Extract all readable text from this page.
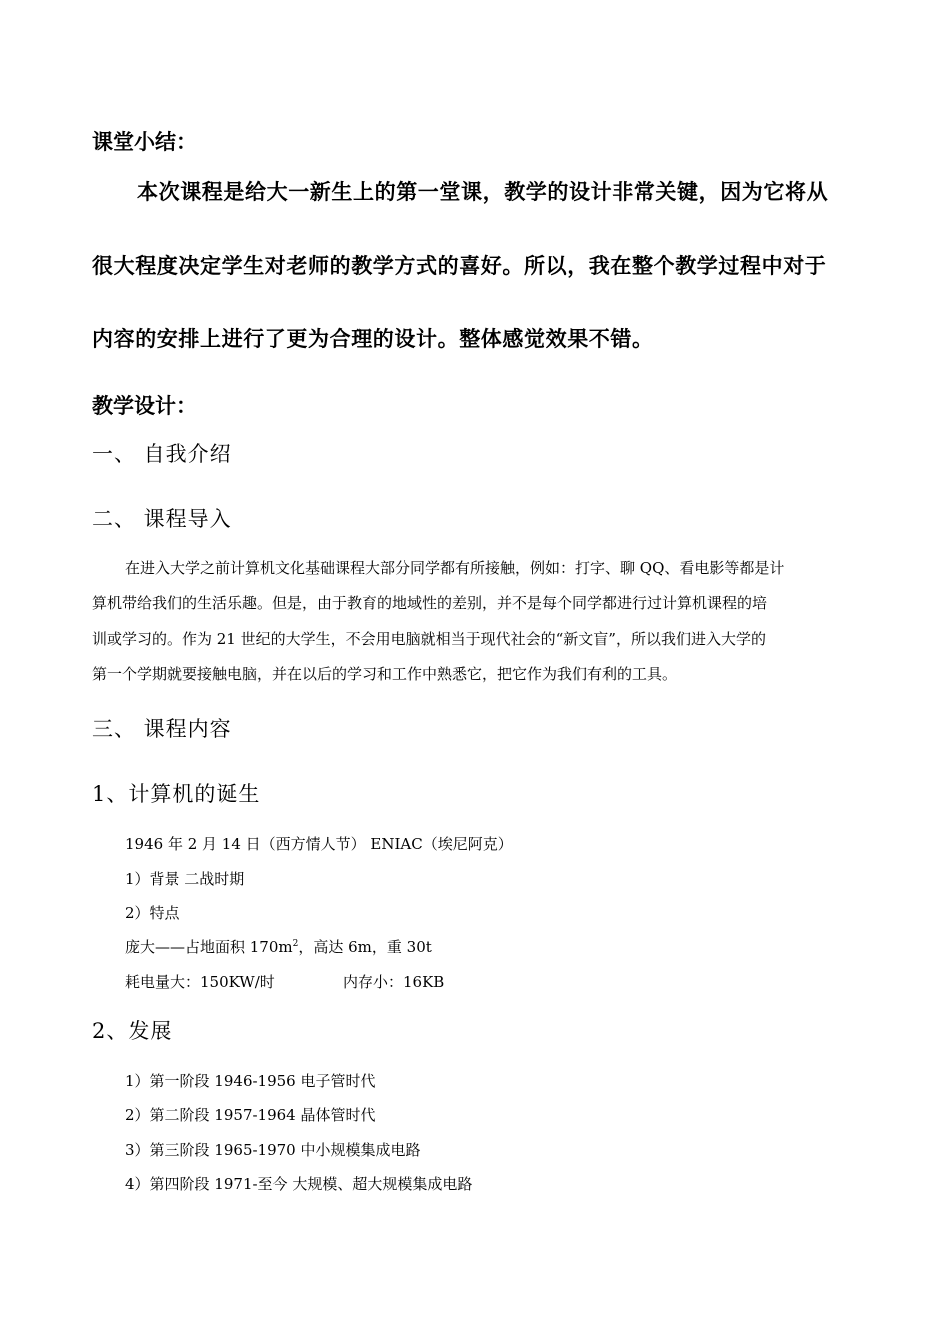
课堂小结：
本次课程是给大一新生上的第一堂课，教学的设计非常关键，因为它将从
很大程度决定学生对老师的教学方式的喜好。所以，我在整个教学过程中对于
内容的安排上进行了更为合理的设计。整体感觉效果不错。
教学设计：
一、 自我介绍
二、 课程导入
在进入大学之前计算机文化基础课程大部分同学都有所接触，例如：打字、聊 QQ、看电影等都是计
算机带给我们的生活乐趣。但是，由于教育的地域性的差别，并不是每个同学都进行过计算机课程的培
训或学习的。作为 21 世纪的大学生，不会用电脑就相当于现代社会的“新文盲”，所以我们进入大学的
第一个学期就要接触电脑，并在以后的学习和工作中熟悉它，把它作为我们有利的工具。
三、 课程内容
1、计算机的诞生
1946 年 2 月 14 日（西方情人节） ENIAC（埃尼阿克）
1）背景 二战时期
2）特点
庞大——占地面积 $170m^2$，高达 6m，重 30t
耗电量大：150KW/时	内存小：16KB
2、发展
1）第一阶段 1946-1956 电子管时代
2）第二阶段 1957-1964 晶体管时代
3）第三阶段 1965-1970 中小规模集成电路
4）第四阶段 1971-至今 大规模、超大规模集成电路
